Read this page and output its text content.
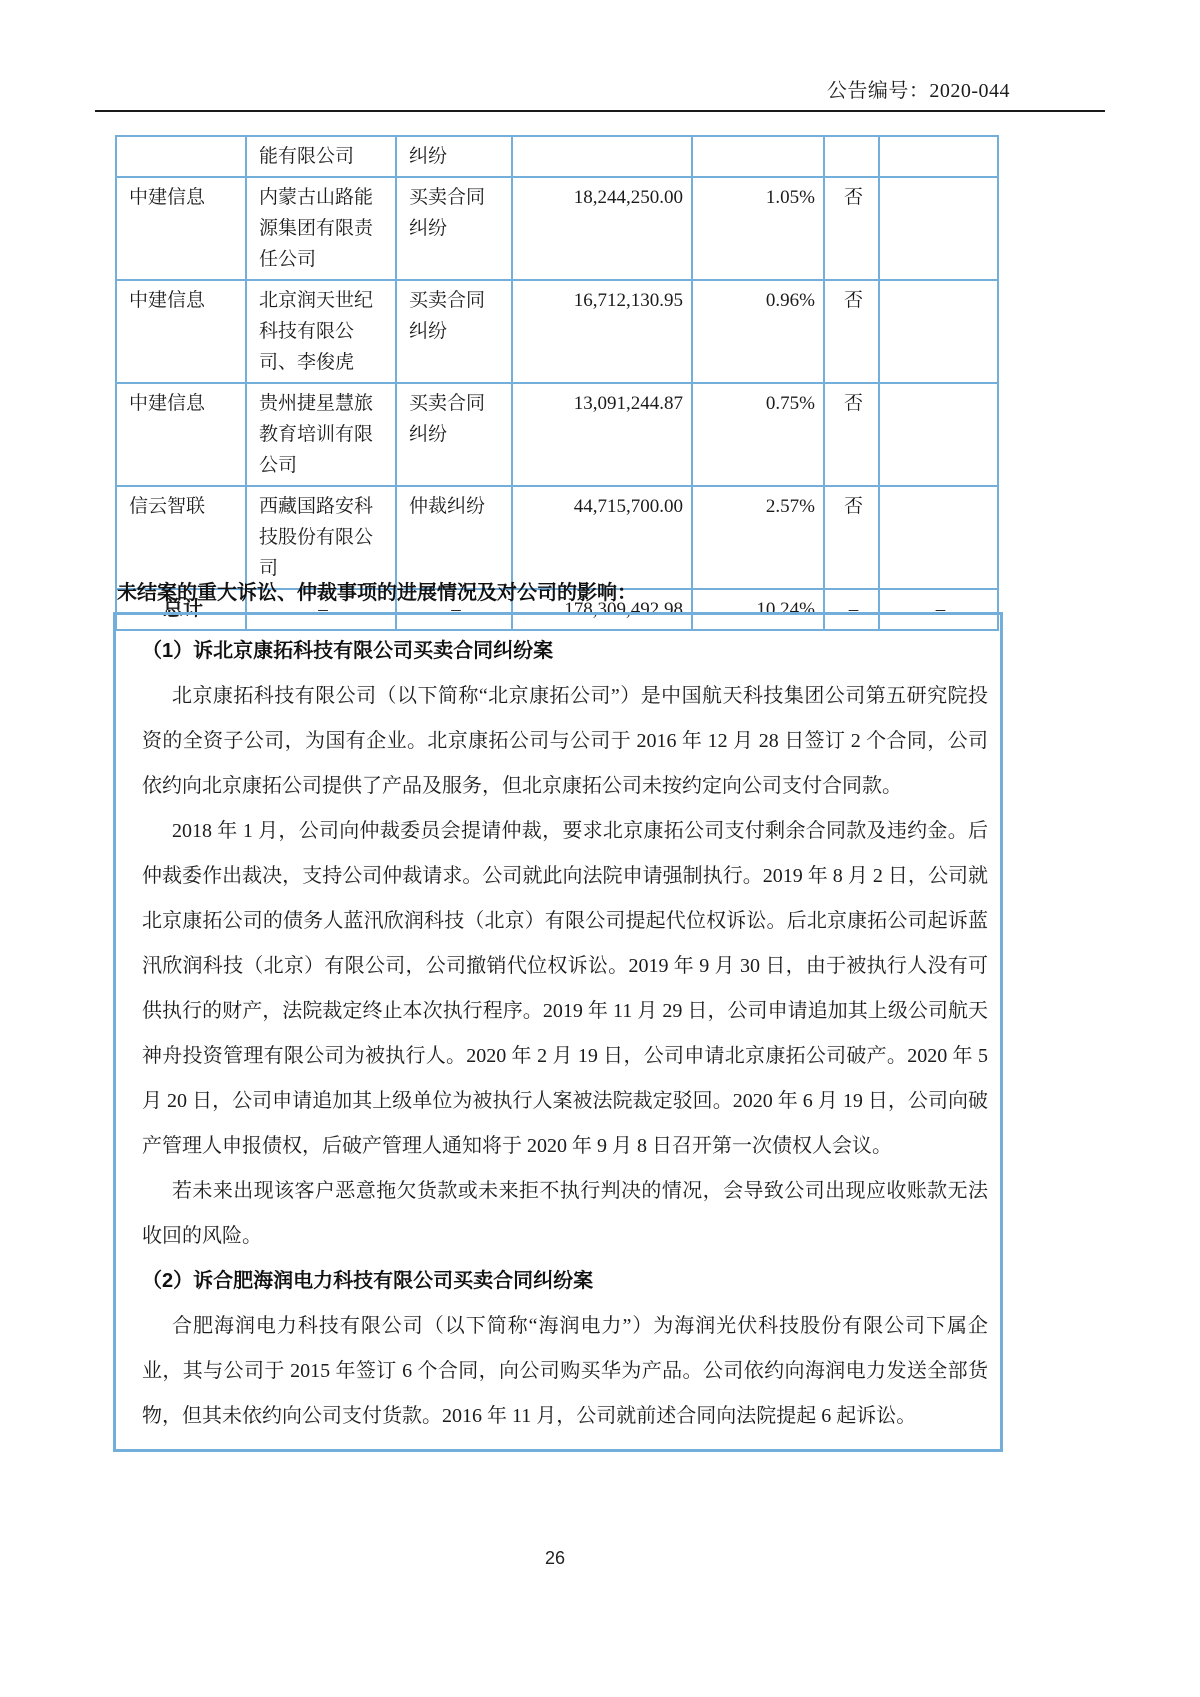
公告编号：2020-044
	能有限公司	纠纷				
中建信息	内蒙古山路能源集团有限责任公司	买卖合同纠纷	18,244,250.00	1.05%	否	
中建信息	北京润天世纪科技有限公司、李俊虎	买卖合同纠纷	16,712,130.95	0.96%	否	
中建信息	贵州捷星慧旅教育培训有限公司	买卖合同纠纷	13,091,244.87	0.75%	否	
信云智联	西藏国路安科技股份有限公司	仲裁纠纷	44,715,700.00	2.57%	否	
总计	–	–	178,309,492.98	10.24%	–	–
未结案的重大诉讼、仲裁事项的进展情况及对公司的影响：
（1）诉北京康拓科技有限公司买卖合同纠纷案

北京康拓科技有限公司（以下简称“北京康拓公司”）是中国航天科技集团公司第五研究院投资的全资子公司，为国有企业。北京康拓公司与公司于 2016 年 12 月 28 日签订 2 个合同，公司依约向北京康拓公司提供了产品及服务，但北京康拓公司未按约定向公司支付合同款。

2018 年 1 月，公司向仲裁委员会提请仲裁，要求北京康拓公司支付剩余合同款及违约金。后仲裁委作出裁决，支持公司仲裁请求。公司就此向法院申请强制执行。2019 年 8 月 2 日，公司就北京康拓公司的债务人蓝汛欣润科技（北京）有限公司提起代位权诉讼。后北京康拓公司起诉蓝汛欣润科技（北京）有限公司，公司撤销代位权诉讼。2019 年 9 月 30 日，由于被执行人没有可供执行的财产，法院裁定终止本次执行程序。2019 年 11 月 29 日，公司申请追加其上级公司航天神舟投资管理有限公司为被执行人。2020 年 2 月 19 日，公司申请北京康拓公司破产。2020 年 5 月 20 日，公司申请追加其上级单位为被执行人案被法院裁定驳回。2020 年 6 月 19 日，公司向破产管理人申报债权，后破产管理人通知将于 2020 年 9 月 8 日召开第一次债权人会议。

若未来出现该客户恶意拖欠货款或未来拒不执行判决的情况，会导致公司出现应收账款无法收回的风险。

（2）诉合肥海润电力科技有限公司买卖合同纠纷案

合肥海润电力科技有限公司（以下简称“海润电力”）为海润光伏科技股份有限公司下属企业，其与公司于 2015 年签订 6 个合同，向公司购买华为产品。公司依约向海润电力发送全部货物，但其未依约向公司支付货款。2016 年 11 月，公司就前述合同向法院提起 6 起诉讼。

26
